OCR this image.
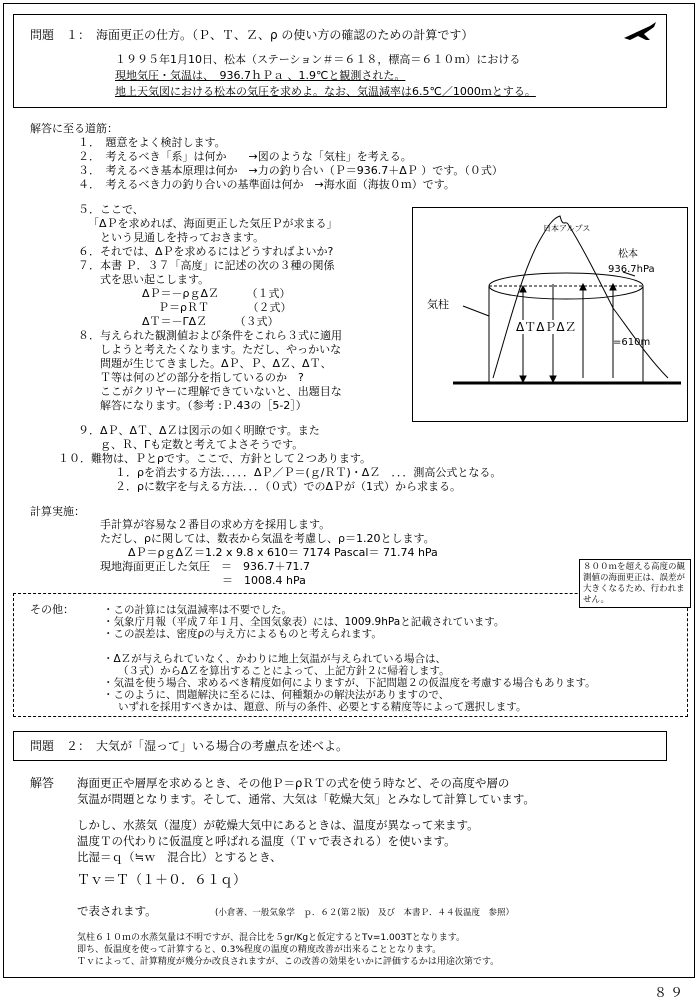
問題　１：　海面更正の仕方。（Ｐ、Ｔ、Ｚ、ρ の使い方の確認のための計算です）
１９９５年1月10日、松本（ステーション＃＝６１８，標高＝６１０ｍ）における
現地気圧・気温は、　936.7ｈＰａ 、1.9℃と観測された。
地上天気図における松本の気圧を求めよ。なお、気温減率は6.5℃／1000ｍとする。
解答に至る道筋：
１．　題意をよく検討します。
２．　考えるべき「系」は何か　　→図のような「気柱」を考える。
３．　考えるべき基本原理は何か　→力の釣り合い（Ｐ＝936.7＋ΔＰ ）です。（０式）
４．　考えるべき力の釣り合いの基準面は何か　→海水面（海抜０ｍ）です。
５．ここで、
「ΔＰを求めれば、海面更正した気圧Ｐが求まる」
という見通しを持っておきます。
６．それでは、ΔＰを求めるにはどうすればよいか?
７．本書 Ｐ．３７「高度」に記述の次の３種の関係
式を思い起こします。
ΔＰ＝－ρｇΔＺ　　　（１式）
Ｐ＝ρＲＴ　　　　（２式）
ΔＴ＝－ΓΔＺ　　　（３式）
８．与えられた観測値および条件をこれら３式に適用
しようと考えたくなります。ただし、やっかいな
問題が生じてきました。ΔＰ、Ｐ、ΔＺ、ΔＴ、
Ｔ等は何のどの部分を指しているのか　?
ここがクリヤーに理解できていないと、出題目な
解答になります。（参考 :Ｐ.43の［5-2］）
９．ΔＰ、ΔＴ、ΔＺは図示の如く明瞭です。また
ｇ、Ｒ、Γも定数と考えてよさそうです。
１０．難物は、Ｐとρです。ここで、方針として２つあります。
１．ρを消去する方法．．．．．ΔＰ／Ｐ＝(ｇ/ＲＴ)・ΔＺ　．．．測高公式となる。
２．ρに数字を与える方法．．．（０式）でのΔＰが（1式）から求まる。
日本アルプス
松本
936.7hPa
気柱
ΔＴΔＰΔＺ
=610m
計算実施：
手計算が容易な２番目の求め方を採用します。
ただし、ρに関しては、数表から気温を考慮し、ρ＝1.20とします。
ΔＰ＝ρｇΔＺ＝1.2 x 9.8 x 610＝ 7174 Pascal＝ 71.74 hPa
現地海面更正した気圧　＝　936.7＋71.7
＝　1008.4 hPa
８００ｍを超える高度の観測値の海面更正は、誤差が大きくなるため、行われません。
その他：	・この計算には気温減率は不要でした。
・気象庁月報（平成７年１月、全国気象表）には、1009.9hPaと記載されています。
・この誤差は、密度ρの与え方によるものと考えられます。
・ΔＺが与えられていなく、かわりに地上気温が与えられている場合は、
（３式）からΔＺを算出することによって、上記方針２に帰着します。
・気温を使う場合、求めるべき精度如何によりますが、下記問題２の仮温度を考慮する場合もあります。
・このように、問題解決に至るには、何種類かの解決法がありますので、
いずれを採用すべきかは、題意、所与の条件、必要とする精度等によって選択します。
問題　２：　大気が「湿って」いる場合の考慮点を述べよ。
解答 海面更正や層厚を求めるとき、その他Ｐ＝ρＲＴの式を使う時など、その高度や層の
気温が問題となります。そして、通常、大気は「乾燥大気」とみなして計算しています。
しかし、水蒸気（湿度）が乾燥大気中にあるときは、温度が異なって来ます。
温度Ｔの代わりに仮温度と呼ばれる温度（Ｔｖで表される）を使います。
比湿＝ｑ（≒ｗ　混合比）とするとき、
Ｔｖ＝Ｔ（１＋０．６１ｑ）
で表されます。	(小倉著、一般気象学　ｐ．６２(第２版)　及び　本書Ｐ．４４仮温度　参照）
気柱６１０ｍの水蒸気量は不明ですが、混合比を５gr/Kgと仮定するとTv=1.003Tとなります。
即ち、仮温度を使って計算すると、0.3%程度の温度の精度改善が出来ることとなります。
Ｔｖによって、計算精度が幾分か改良されますが、この改善の効果をいかに評価するかは用途次第です。
８９
